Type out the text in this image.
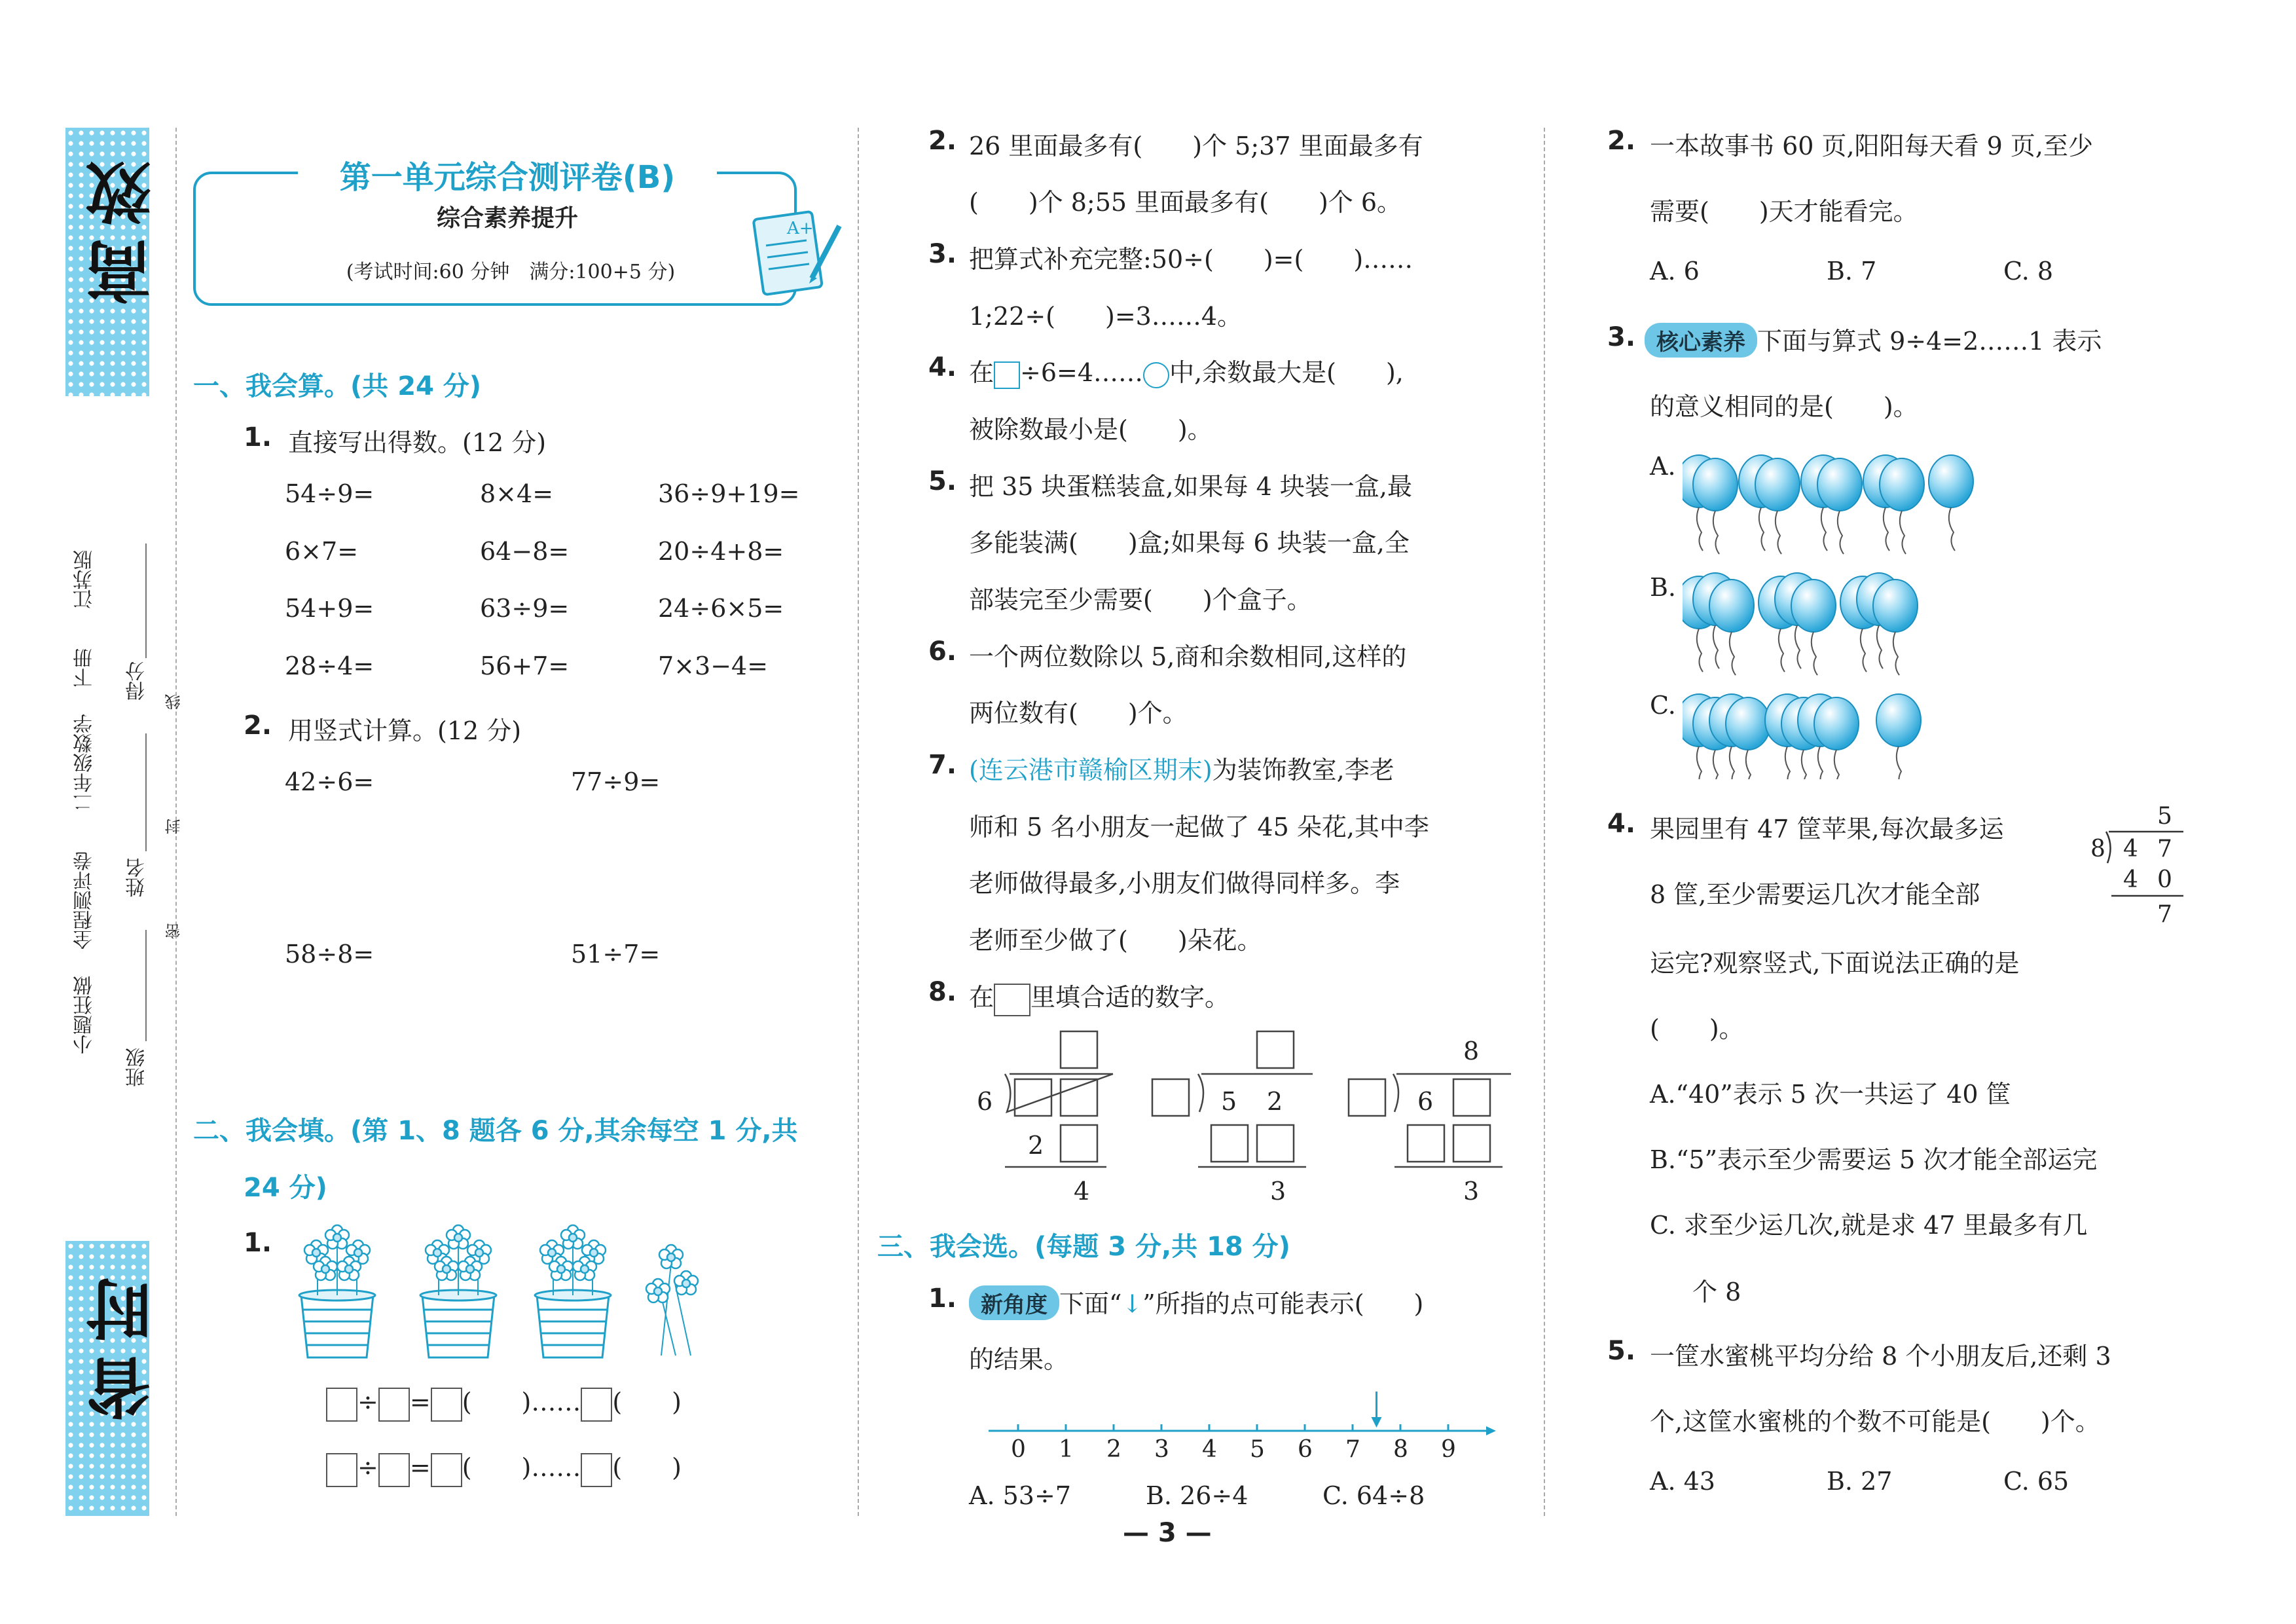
高效
省时
小题狂做
全程测评卷
二年级数学
下册
江苏版
班级
姓名
得分
线
封
密
第一单元综合测评卷(B)
综合素养提升
(考试时间:60 分钟　满分:100+5 分)
A+
一、我会算。(共 24 分)
1. 直接写出得数。(12 分)
54÷9=	8×4=	36÷9+19=
6×7=	64−8=	20÷4+8=
54+9=	63÷9=	24÷6×5=
28÷4=	56+7=	7×3−4=
2. 用竖式计算。(12 分)
42÷6=	77÷9=
58÷8=	51÷7=
二、我会填。(第 1、8 题各 6 分,其余每空 1 分,共
24 分)
1.
÷ = (　　)…… (　　)
÷ = (　　)…… (　　)
2. 26 里面最多有(　　)个 5;37 里面最多有
(　　)个 8;55 里面最多有(　　)个 6。
3. 把算式补充完整:50÷(　　)=(　　)……
1;22÷(　　)=3……4。
4. 在 ÷6=4…… 中,余数最大是(　　),
被除数最小是(　　)。
5. 把 35 块蛋糕装盒,如果每 4 块装一盒,最
多能装满(　　)盒;如果每 6 块装一盒,全
部装完至少需要(　　)个盒子。
6. 一个两位数除以 5,商和余数相同,这样的
两位数有(　　)个。
7. (连云港市赣榆区期末)为装饰教室,李老
师和 5 名小朋友一起做了 45 朵花,其中李
老师做得最多,小朋友们做得同样多。李
老师至少做了(　　)朵花。
8. 在 里填合适的数字。
6
2
4
5 2
3
8
6
3
三、我会选。(每题 3 分,共 18 分)
1.	新角度 下面“↓”所指的点可能表示(　　)
的结果。
0 1 2 3 4 5 6 7 8 9
A. 53÷7	B. 26÷4	C. 64÷8
— 3 —
2. 一本故事书 60 页,阳阳每天看 9 页,至少
需要(　　)天才能看完。
A. 6	B. 7	C. 8
3. 核心素养 下面与算式 9÷4=2……1 表示
的意义相同的是(　　)。
A.
B.
C.
4. 果园里有 47 筐苹果,每次最多运
8 筐,至少需要运几次才能全部
运完?观察竖式,下面说法正确的是
(　　)。
5
8 4 7
4 0
7
A.“40”表示 5 次一共运了 40 筐
B.“5”表示至少需要运 5 次才能全部运完
C. 求至少运几次,就是求 47 里最多有几
个 8
5. 一筐水蜜桃平均分给 8 个小朋友后,还剩 3
个,这筐水蜜桃的个数不可能是(　　)个。
A. 43	B. 27	C. 65
